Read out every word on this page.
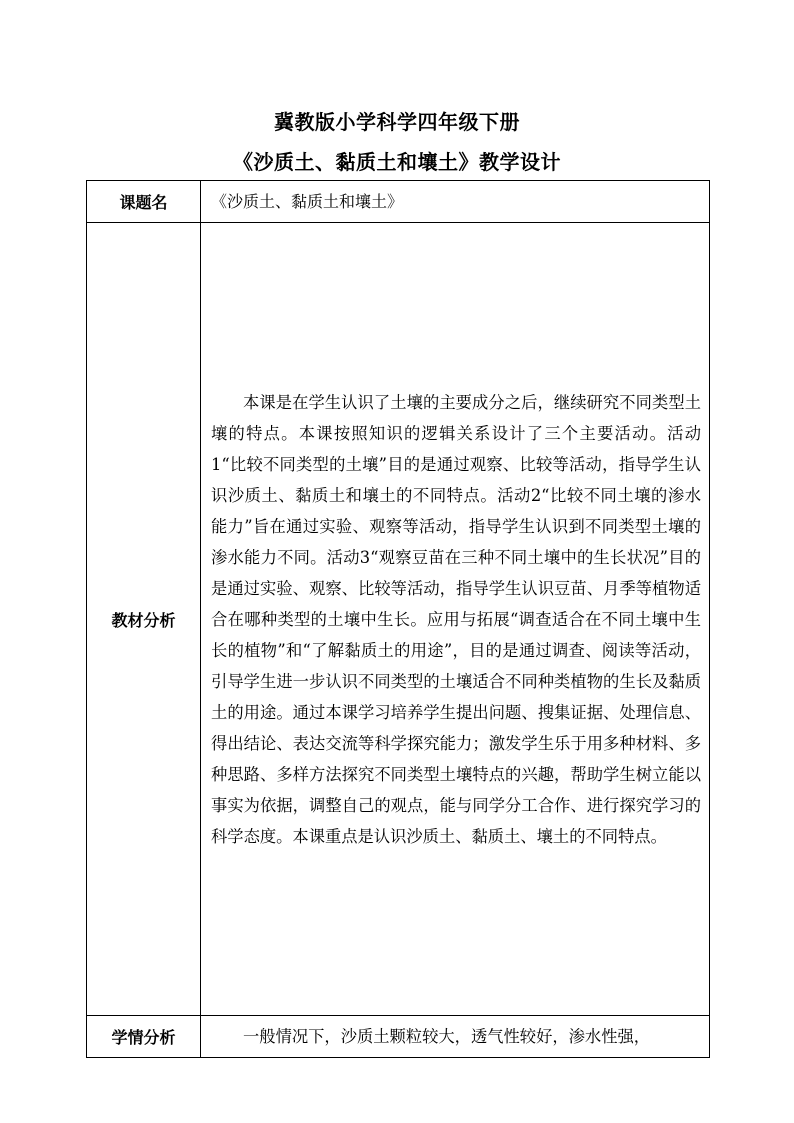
冀教版小学科学四年级下册
《沙质土、黏质土和壤土》教学设计
课题名	《沙质土、黏质土和壤土》
教材分析	本课是在学生认识了土壤的主要成分之后，继续研究不同类型土壤的特点。本课按照知识的逻辑关系设计了三个主要活动。活动1“比较不同类型的土壤”目的是通过观察、比较等活动，指导学生认识沙质土、黏质土和壤土的不同特点。活动2“比较不同土壤的渗水能力”旨在通过实验、观察等活动，指导学生认识到不同类型土壤的渗水能力不同。活动3“观察豆苗在三种不同土壤中的生长状况”目的是通过实验、观察、比较等活动，指导学生认识豆苗、月季等植物适合在哪种类型的土壤中生长。应用与拓展“调查适合在不同土壤中生长的植物”和“了解黏质土的用途”，目的是通过调查、阅读等活动，引导学生进一步认识不同类型的土壤适合不同种类植物的生长及黏质土的用途。通过本课学习培养学生提出问题、搜集证据、处理信息、得出结论、表达交流等科学探究能力；激发学生乐于用多种材料、多种思路、多样方法探究不同类型土壤特点的兴趣，帮助学生树立能以事实为依据，调整自己的观点，能与同学分工合作、进行探究学习的科学态度。本课重点是认识沙质土、黏质土、壤土的不同特点。

学情分析	一般情况下，沙质土颗粒较大，透气性较好，渗水性强，
